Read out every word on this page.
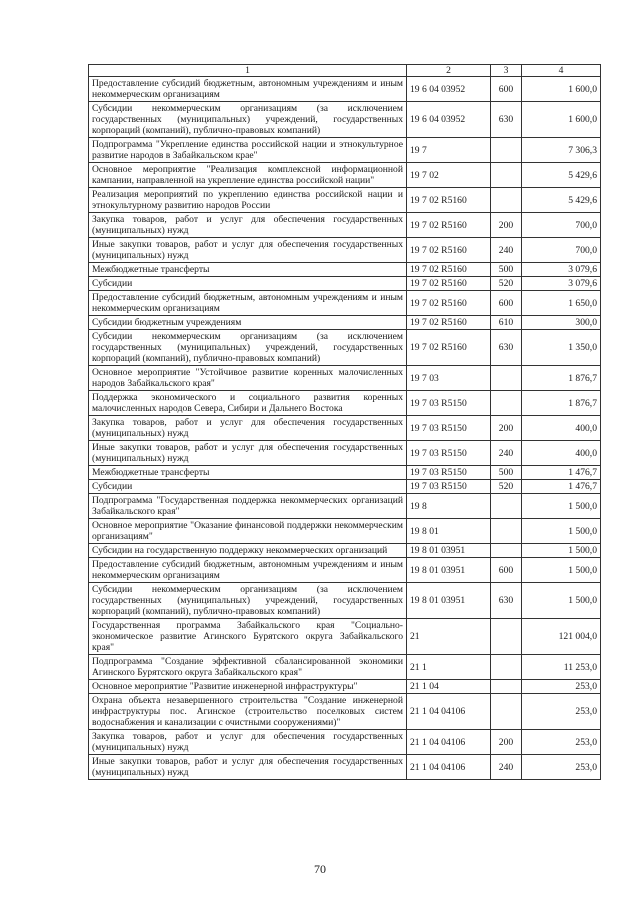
1	2	3	4
Предоставление субсидий бюджетным, автономным учреждениям и иным некоммерческим организациям	19 6 04 03952	600	1 600,0
Субсидии некоммерческим организациям (за исключением государственных (муниципальных) учреждений, государственных корпораций (компаний), публично-правовых компаний)	19 6 04 03952	630	1 600,0
Подпрограмма "Укрепление единства российской нации и этнокультурное развитие народов в Забайкальском крае"	19 7		7 306,3
Основное мероприятие "Реализация комплексной информационной кампании, направленной на укрепление единства российской нации"	19 7 02		5 429,6
Реализация мероприятий по укреплению единства российской нации и этнокультурному развитию народов России	19 7 02 R5160		5 429,6
Закупка товаров, работ и услуг для обеспечения государственных (муниципальных) нужд	19 7 02 R5160	200	700,0
Иные закупки товаров, работ и услуг для обеспечения государственных (муниципальных) нужд	19 7 02 R5160	240	700,0
Межбюджетные трансферты	19 7 02 R5160	500	3 079,6
Субсидии	19 7 02 R5160	520	3 079,6
Предоставление субсидий бюджетным, автономным учреждениям и иным некоммерческим организациям	19 7 02 R5160	600	1 650,0
Субсидии бюджетным учреждениям	19 7 02 R5160	610	300,0
Субсидии некоммерческим организациям (за исключением государственных (муниципальных) учреждений, государственных корпораций (компаний), публично-правовых компаний)	19 7 02 R5160	630	1 350,0
Основное мероприятие "Устойчивое развитие коренных малочисленных народов Забайкальского края"	19 7 03		1 876,7
Поддержка экономического и социального развития коренных малочисленных народов Севера, Сибири и Дальнего Востока	19 7 03 R5150		1 876,7
Закупка товаров, работ и услуг для обеспечения государственных (муниципальных) нужд	19 7 03 R5150	200	400,0
Иные закупки товаров, работ и услуг для обеспечения государственных (муниципальных) нужд	19 7 03 R5150	240	400,0
Межбюджетные трансферты	19 7 03 R5150	500	1 476,7
Субсидии	19 7 03 R5150	520	1 476,7
Подпрограмма "Государственная поддержка некоммерческих организаций Забайкальского края"	19 8		1 500,0
Основное мероприятие "Оказание финансовой поддержки некоммерческим организациям"	19 8 01		1 500,0
Субсидии на государственную поддержку некоммерческих организаций	19 8 01 03951		1 500,0
Предоставление субсидий бюджетным, автономным учреждениям и иным некоммерческим организациям	19 8 01 03951	600	1 500,0
Субсидии некоммерческим организациям (за исключением государственных (муниципальных) учреждений, государственных корпораций (компаний), публично-правовых компаний)	19 8 01 03951	630	1 500,0
Государственная программа Забайкальского края "Социально-экономическое развитие Агинского Бурятского округа Забайкальского края"	21		121 004,0
Подпрограмма "Создание эффективной сбалансированной экономики Агинского Бурятского округа Забайкальского края"	21 1		11 253,0
Основное мероприятие "Развитие инженерной инфраструктуры"	21 1 04		253,0
Охрана объекта незавершенного строительства "Создание инженерной инфраструктуры пос. Агинское (строительство поселковых систем водоснабжения и канализации с очистными сооружениями)"	21 1 04 04106		253,0
Закупка товаров, работ и услуг для обеспечения государственных (муниципальных) нужд	21 1 04 04106	200	253,0
Иные закупки товаров, работ и услуг для обеспечения государственных (муниципальных) нужд	21 1 04 04106	240	253,0
70
